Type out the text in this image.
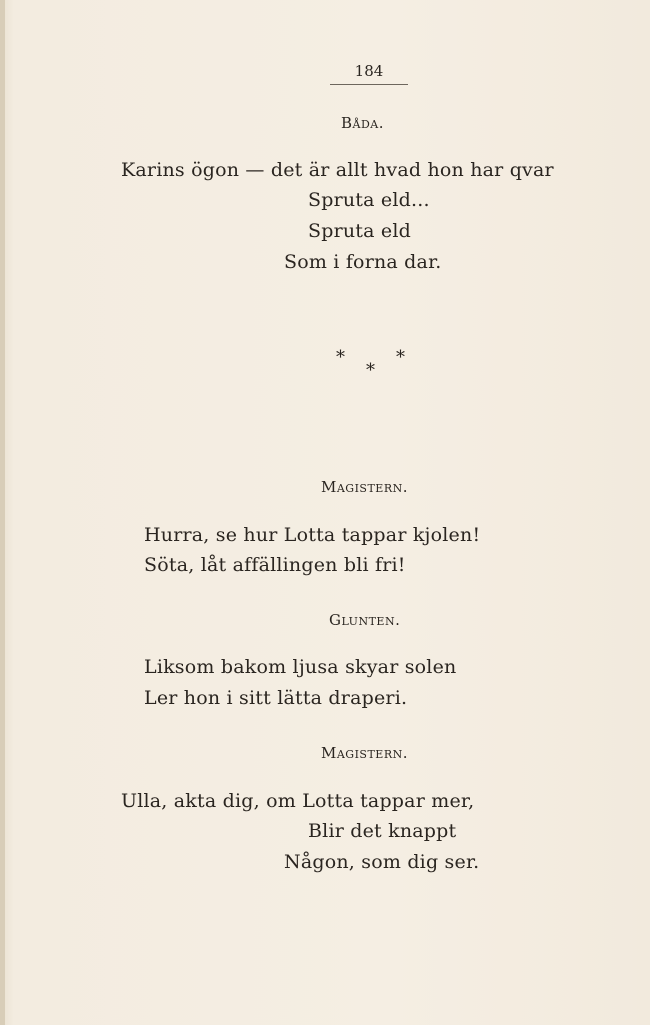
184
Båda.
Karins ögon — det är allt hvad hon har qvar
Spruta eld...
Spruta eld
Som i forna dar.
*	*
*
Magistern.
Hurra, se hur Lotta tappar kjolen!
Söta, låt affällingen bli fri!
Glunten.
Liksom bakom ljusa skyar solen
Ler hon i sitt lätta draperi.
Magistern.
Ulla, akta dig, om Lotta tappar mer,
Blir det knappt
Någon, som dig ser.
